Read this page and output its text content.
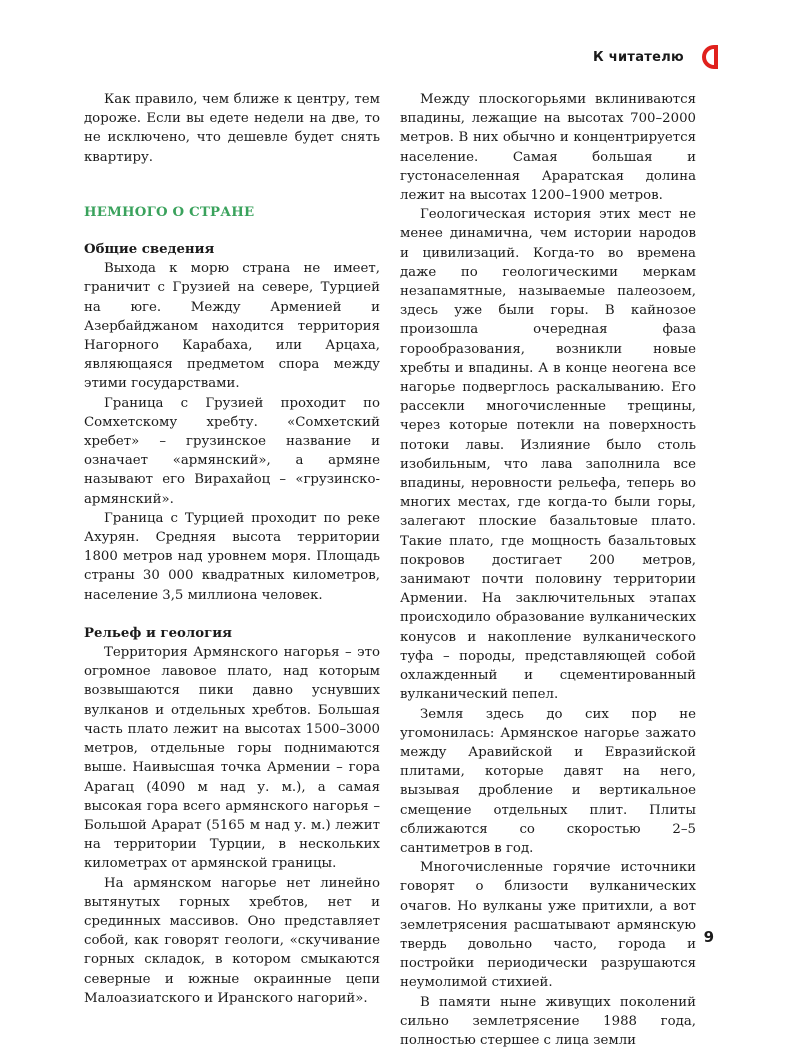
К читателю

Как правило, чем ближе к центру, тем дороже. Если вы едете недели на две, то не исключено, что дешевле будет снять квартиру.

НЕМНОГО О СТРАНЕ

Общие сведения

Выхода к морю страна не имеет, граничит с Грузией на севере, Турцией на юге. Между Арменией и Азербайджаном находится территория Нагорного Карабаха, или Арцаха, являющаяся предметом спора между этими государствами.

Граница с Грузией проходит по Сомхетскому хребту. «Сомхетский хребет» – грузинское название и означает «армянский», а армяне называют его Вирахайоц – «грузинско-армянский».

Граница с Турцией проходит по реке Ахурян. Средняя высота территории 1800 метров над уровнем моря. Площадь страны 30 000 квадратных километров, население 3,5 миллиона человек.

Рельеф и геология

Территория Армянского нагорья – это огромное лавовое плато, над которым возвышаются пики давно уснувших вулканов и отдельных хребтов. Большая часть плато лежит на высотах 1500–3000 метров, отдельные горы поднимаются выше. Наивысшая точка Армении – гора Арагац (4090 м над у. м.), а самая высокая гора всего армянского нагорья – Большой Арарат (5165 м над у. м.) лежит на территории Турции, в нескольких километрах от армянской границы.

На армянском нагорье нет линейно вытянутых горных хребтов, нет и срединных массивов. Оно представляет собой, как говорят геологи, «скучивание горных складок, в котором смыкаются северные и южные окраинные цепи Малоазиатского и Иранского нагорий».

Между плоскогорьями вклиниваются впадины, лежащие на высотах 700–2000 метров. В них обычно и концентрируется население. Самая большая и густонаселенная Араратская долина лежит на высотах 1200–1900 метров.

Геологическая история этих мест не менее динамична, чем истории народов и цивилизаций. Когда-то во времена даже по геологическими меркам незапамятные, называемые палеозоем, здесь уже были горы. В кайнозое произошла очередная фаза горообразования, возникли новые хребты и впадины. А в конце неогена все нагорье подверглось раскалыванию. Его рассекли многочисленные трещины, через которые потекли на поверхность потоки лавы. Излияние было столь изобильным, что лава заполнила все впадины, неровности рельефа, теперь во многих местах, где когда-то были горы, залегают плоские базальтовые плато. Такие плато, где мощность базальтовых покровов достигает 200 метров, занимают почти половину территории Армении. На заключительных этапах происходило образование вулканических конусов и накопление вулканического туфа – породы, представляющей собой охлажденный и сцементированный вулканический пепел.

Земля здесь до сих пор не угомонилась: Армянское нагорье зажато между Аравийской и Евразийской плитами, которые давят на него, вызывая дробление и вертикальное смещение отдельных плит. Плиты сближаются со скоростью 2–5 сантиметров в год.

Многочисленные горячие источники говорят о близости вулканических очагов. Но вулканы уже притихли, а вот землетрясения расшатывают армянскую твердь довольно часто, города и постройки периодически разрушаются неумолимой стихией.

В памяти ныне живущих поколений сильно землетрясение 1988 года, полностью стершее с лица земли

9
